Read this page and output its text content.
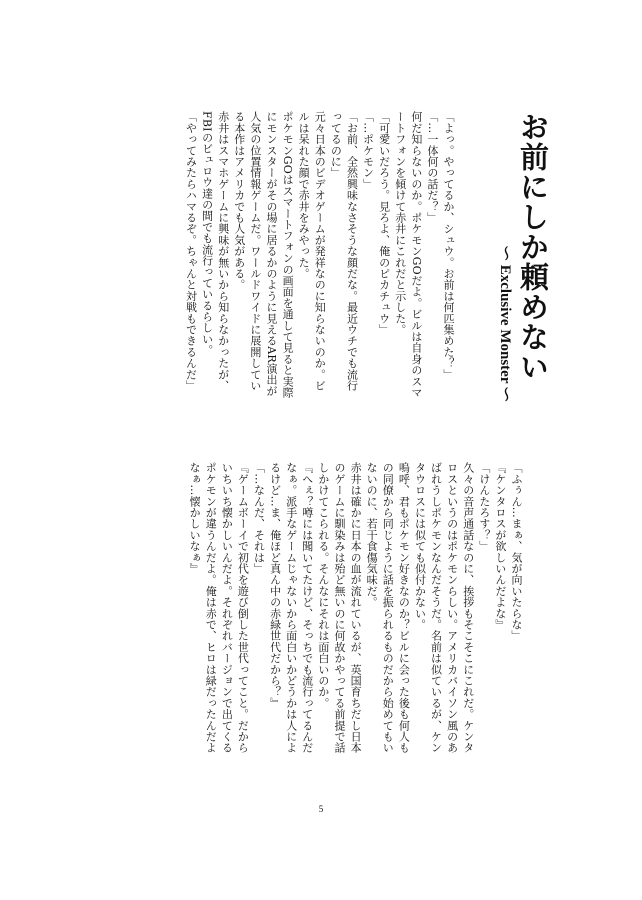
お前にしか頼めない
～ Exclusive Monster ～

「よっ。やってるか、シュウ。お前は何匹集めた？」

「…一体何の話だ？」

何だ知らないのか。ポケモンGOだよ。ビルは自身のスマートフォンを傾けて赤井にこれだと示した。

「可愛いだろう。見ろよ、俺のピカチュウ」

「…ポケモン」

「お前、全然興味なさそうな顔だな。最近ウチでも流行ってるのに」

元々日本のビデオゲームが発祥なのに知らないのか。ビルは呆れた顔で赤井をみやった。

ポケモンGOはスマートフォンの画面を通して見ると実際にモンスターがその場に居るかのように見えるAR演出が人気の位置情報ゲームだ。ワールドワイドに展開している本作はアメリカでも人気がある。

赤井はスマホゲームに興味が無いから知らなかったが、FBIのビュロウ達の間でも流行っているらしい。

「やってみたらハマるぞ。ちゃんと対戦もできるんだ」

「ふぅん…まぁ、気が向いたらな」

『ケンタロスが欲しいんだよな』

「けんたろす？」

久々の音声通話なのに、挨拶もそこそこにこれだ。ケンタロスというのはポケモンらしい。アメリカバイソン風のあばれうしポケモンなんだそうだ。名前は似ているが、ケンタウロスには似ても似付かない。

嗚呼、君もポケモン好きなのか？ビルに会った後も何人もの同僚から同じように話を振られるものだから始めてもいないのに、若干食傷気味だ。

赤井は確かに日本の血が流れているが、英国育ちだし日本のゲームに馴染みは殆ど無いのに何故かやってる前提で話しかけてこられる。そんなにそれは面白いのか。

『へぇ？噂には聞いてたけど、そっちでも流行ってるんだなぁ。派手なゲームじゃないから面白いかどうかは人によるけど…ま、俺ほど真ん中の赤緑世代だから？』

「…なんだ、それは」

『ゲームボーイで初代を遊び倒した世代ってこと。だからいちいち懐かしいんだよ。それぞれバージョンで出てくるポケモンが違うんだよ。俺は赤で、ヒロは緑だったんだよなぁ…懐かしいなぁ』

5
